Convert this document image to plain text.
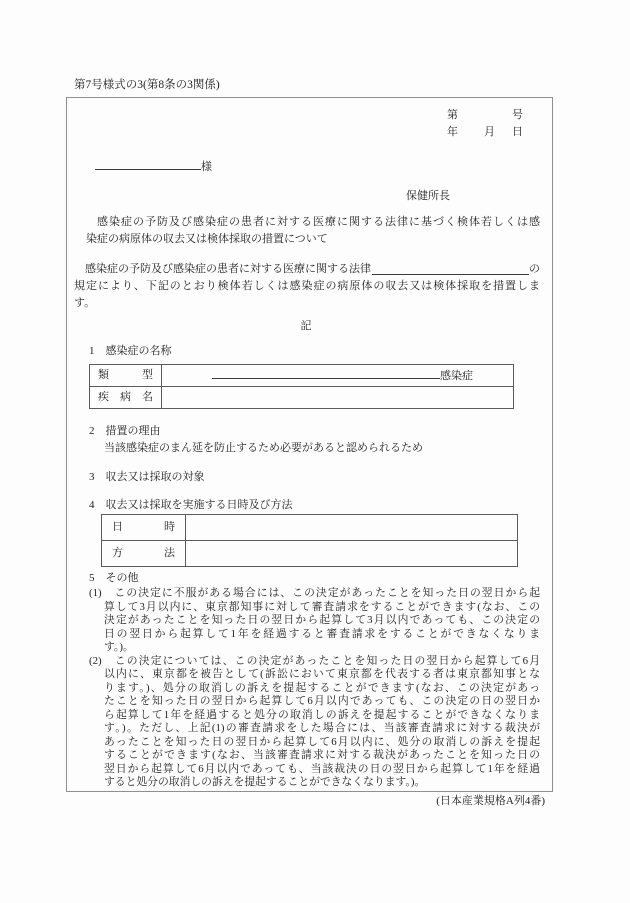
第7号様式の3(第8条の3関係)
第	号
年 月 日
様
保健所長
感染症の予防及び感染症の患者に対する医療に関する法律に基づく検体若しくは感
染症の病原体の収去又は検体採取の措置について
　感染症の予防及び感染症の患者に対する医療に関する法律	の
規定により、下記のとおり検体若しくは感染症の病原体の収去又は検体採取を措置しま
す。
記
1　感染症の名称
類型	感染症
疾病名	
2　措置の理由
当該感染症のまん延を防止するため必要があると認められるため
3　収去又は採取の対象
4　収去又は採取を実施する日時及び方法
日時	
方法	
5　その他
(1)　この決定に不服がある場合には、この決定があったことを知った日の翌日から起
算して3月以内に、東京都知事に対して審査請求をすることができます(なお、この
決定があったことを知った日の翌日から起算して3月以内であっても、この決定の
日の翌日から起算して1年を経過すると審査請求をすることができなくなりま
す。)。
(2)　この決定については、この決定があったことを知った日の翌日から起算して6月
以内に、東京都を被告として(訴訟において東京都を代表する者は東京都知事とな
ります。)、処分の取消しの訴えを提起することができます(なお、この決定があっ
たことを知った日の翌日から起算して6月以内であっても、この決定の日の翌日か
ら起算して1年を経過すると処分の取消しの訴えを提起することができなくなりま
す。)。ただし、上記(1)の審査請求をした場合には、当該審査請求に対する裁決が
あったことを知った日の翌日から起算して6月以内に、処分の取消しの訴えを提起
することができます(なお、当該審査請求に対する裁決があったことを知った日の
翌日から起算して6月以内であっても、当該裁決の日の翌日から起算して1年を経過
すると処分の取消しの訴えを提起することができなくなります。)。
(日本産業規格A列4番)
